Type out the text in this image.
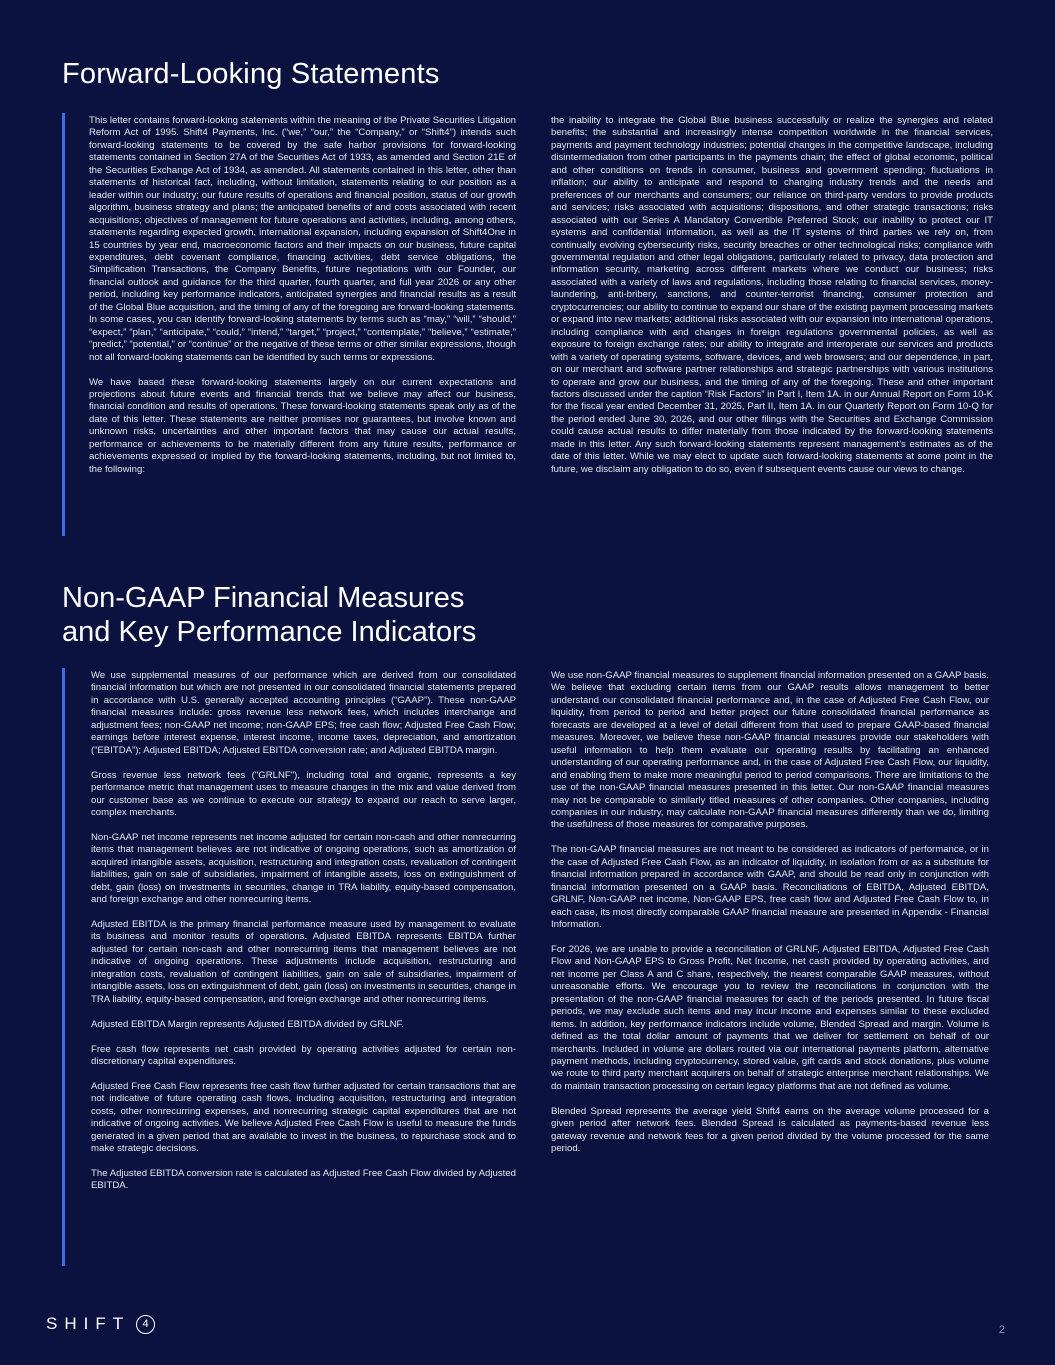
Forward-Looking Statements

This letter contains forward-looking statements within the meaning of the Private Securities Litigation Reform Act of 1995. Shift4 Payments, Inc. (“we,” “our,” the “Company,” or “Shift4”) intends such forward-looking statements to be covered by the safe harbor provisions for forward-looking statements contained in Section 27A of the Securities Act of 1933, as amended and Section 21E of the Securities Exchange Act of 1934, as amended. All statements contained in this letter, other than statements of historical fact, including, without limitation, statements relating to our position as a leader within our industry; our future results of operations and financial position, status of our growth algorithm, business strategy and plans; the anticipated benefits of and costs associated with recent acquisitions; objectives of management for future operations and activities, including, among others, statements regarding expected growth, international expansion, including expansion of Shift4One in 15 countries by year end, macroeconomic factors and their impacts on our business, future capital expenditures, debt covenant compliance, financing activities, debt service obligations, the Simplification Transactions, the Company Benefits, future negotiations with our Founder, our financial outlook and guidance for the third quarter, fourth quarter, and full year 2026 or any other period, including key performance indicators, anticipated synergies and financial results as a result of the Global Blue acquisition, and the timing of any of the foregoing are forward-looking statements. In some cases, you can identify forward-looking statements by terms such as “may,” “will,” “should,” “expect,” “plan,” “anticipate,” “could,” “intend,” “target,” “project,” “contemplate,” “believe,” “estimate,” “predict,” “potential,” or “continue” or the negative of these terms or other similar expressions, though not all forward-looking statements can be identified by such terms or expressions.

We have based these forward-looking statements largely on our current expectations and projections about future events and financial trends that we believe may affect our business, financial condition and results of operations. These forward-looking statements speak only as of the date of this letter. These statements are neither promises nor guarantees, but involve known and unknown risks, uncertainties and other important factors that may cause our actual results, performance or achievements to be materially different from any future results, performance or achievements expressed or implied by the forward-looking statements, including, but not limited to, the following:

the inability to integrate the Global Blue business successfully or realize the synergies and related benefits; the substantial and increasingly intense competition worldwide in the financial services, payments and payment technology industries; potential changes in the competitive landscape, including disintermediation from other participants in the payments chain; the effect of global economic, political and other conditions on trends in consumer, business and government spending; fluctuations in inflation; our ability to anticipate and respond to changing industry trends and the needs and preferences of our merchants and consumers; our reliance on third-party vendors to provide products and services; risks associated with acquisitions; dispositions, and other strategic transactions; risks associated with our Series A Mandatory Convertible Preferred Stock; our inability to protect our IT systems and confidential information, as well as the IT systems of third parties we rely on, from continually evolving cybersecurity risks, security breaches or other technological risks; compliance with governmental regulation and other legal obligations, particularly related to privacy, data protection and information security, marketing across different markets where we conduct our business; risks associated with a variety of laws and regulations, including those relating to financial services, money-laundering, anti-bribery, sanctions, and counter-terrorist financing, consumer protection and cryptocurrencies; our ability to continue to expand our share of the existing payment processing markets or expand into new markets; additional risks associated with our expansion into international operations, including compliance with and changes in foreign regulations governmental policies, as well as exposure to foreign exchange rates; our ability to integrate and interoperate our services and products with a variety of operating systems, software, devices, and web browsers; and our dependence, in part, on our merchant and software partner relationships and strategic partnerships with various institutions to operate and grow our business, and the timing of any of the foregoing. These and other important factors discussed under the caption “Risk Factors” in Part I, Item 1A. in our Annual Report on Form 10-K for the fiscal year ended December 31, 2025, Part II, Item 1A. in our Quarterly Report on Form 10-Q for the period ended June 30, 2026, and our other filings with the Securities and Exchange Commission could cause actual results to differ materially from those indicated by the forward-looking statements made in this letter. Any such forward-looking statements represent management’s estimates as of the date of this letter. While we may elect to update such forward-looking statements at some point in the future, we disclaim any obligation to do so, even if subsequent events cause our views to change.

Non-GAAP Financial Measures
and Key Performance Indicators

We use supplemental measures of our performance which are derived from our consolidated financial information but which are not presented in our consolidated financial statements prepared in accordance with U.S. generally accepted accounting principles (“GAAP”). These non-GAAP financial measures include: gross revenue less network fees, which includes interchange and adjustment fees; non-GAAP net income; non-GAAP EPS; free cash flow; Adjusted Free Cash Flow; earnings before interest expense, interest income, income taxes, depreciation, and amortization (“EBITDA”); Adjusted EBITDA; Adjusted EBITDA conversion rate; and Adjusted EBITDA margin.

Gross revenue less network fees ("GRLNF"), including total and organic, represents a key performance metric that management uses to measure changes in the mix and value derived from our customer base as we continue to execute our strategy to expand our reach to serve larger, complex merchants.

Non-GAAP net income represents net income adjusted for certain non-cash and other nonrecurring items that management believes are not indicative of ongoing operations, such as amortization of acquired intangible assets, acquisition, restructuring and integration costs, revaluation of contingent liabilities, gain on sale of subsidiaries, impairment of intangible assets, loss on extinguishment of debt, gain (loss) on investments in securities, change in TRA liability, equity-based compensation, and foreign exchange and other nonrecurring items.

Adjusted EBITDA is the primary financial performance measure used by management to evaluate its business and monitor results of operations. Adjusted EBITDA represents EBITDA further adjusted for certain non-cash and other nonrecurring items that management believes are not indicative of ongoing operations. These adjustments include acquisition, restructuring and integration costs, revaluation of contingent liabilities, gain on sale of subsidiaries, impairment of intangible assets, loss on extinguishment of debt, gain (loss) on investments in securities, change in TRA liability, equity-based compensation, and foreign exchange and other nonrecurring items.

Adjusted EBITDA Margin represents Adjusted EBITDA divided by GRLNF.

Free cash flow represents net cash provided by operating activities adjusted for certain non-discretionary capital expenditures.

Adjusted Free Cash Flow represents free cash flow further adjusted for certain transactions that are not indicative of future operating cash flows, including acquisition, restructuring and integration costs, other nonrecurring expenses, and nonrecurring strategic capital expenditures that are not indicative of ongoing activities. We believe Adjusted Free Cash Flow is useful to measure the funds generated in a given period that are available to invest in the business, to repurchase stock and to make strategic decisions.

The Adjusted EBITDA conversion rate is calculated as Adjusted Free Cash Flow divided by Adjusted EBITDA.

We use non-GAAP financial measures to supplement financial information presented on a GAAP basis. We believe that excluding certain items from our GAAP results allows management to better understand our consolidated financial performance and, in the case of Adjusted Free Cash Flow, our liquidity, from period to period and better project our future consolidated financial performance as forecasts are developed at a level of detail different from that used to prepare GAAP-based financial measures. Moreover, we believe these non-GAAP financial measures provide our stakeholders with useful information to help them evaluate our operating results by facilitating an enhanced understanding of our operating performance and, in the case of Adjusted Free Cash Flow, our liquidity, and enabling them to make more meaningful period to period comparisons. There are limitations to the use of the non-GAAP financial measures presented in this letter. Our non-GAAP financial measures may not be comparable to similarly titled measures of other companies. Other companies, including companies in our industry, may calculate non-GAAP financial measures differently than we do, limiting the usefulness of those measures for comparative purposes.

The non-GAAP financial measures are not meant to be considered as indicators of performance, or in the case of Adjusted Free Cash Flow, as an indicator of liquidity, in isolation from or as a substitute for financial information prepared in accordance with GAAP, and should be read only in conjunction with financial information presented on a GAAP basis. Reconciliations of EBITDA, Adjusted EBITDA, GRLNF, Non-GAAP net income, Non-GAAP EPS, free cash flow and Adjusted Free Cash Flow to, in each case, its most directly comparable GAAP financial measure are presented in Appendix - Financial Information.

For 2026, we are unable to provide a reconciliation of GRLNF, Adjusted EBITDA, Adjusted Free Cash Flow and Non-GAAP EPS to Gross Profit, Net Income, net cash provided by operating activities, and net income per Class A and C share, respectively, the nearest comparable GAAP measures, without unreasonable efforts. We encourage you to review the reconciliations in conjunction with the presentation of the non-GAAP financial measures for each of the periods presented. In future fiscal periods, we may exclude such items and may incur income and expenses similar to these excluded items. In addition, key performance indicators include volume, Blended Spread and margin. Volume is defined as the total dollar amount of payments that we deliver for settlement on behalf of our merchants. Included in volume are dollars routed via our international payments platform, alternative payment methods, including cryptocurrency, stored value, gift cards and stock donations, plus volume we route to third party merchant acquirers on behalf of strategic enterprise merchant relationships. We do maintain transaction processing on certain legacy platforms that are not defined as volume.

Blended Spread represents the average yield Shift4 earns on the average volume processed for a given period after network fees. Blended Spread is calculated as payments-based revenue less gateway revenue and network fees for a given period divided by the volume processed for the same period.

SHIFT	4	2
